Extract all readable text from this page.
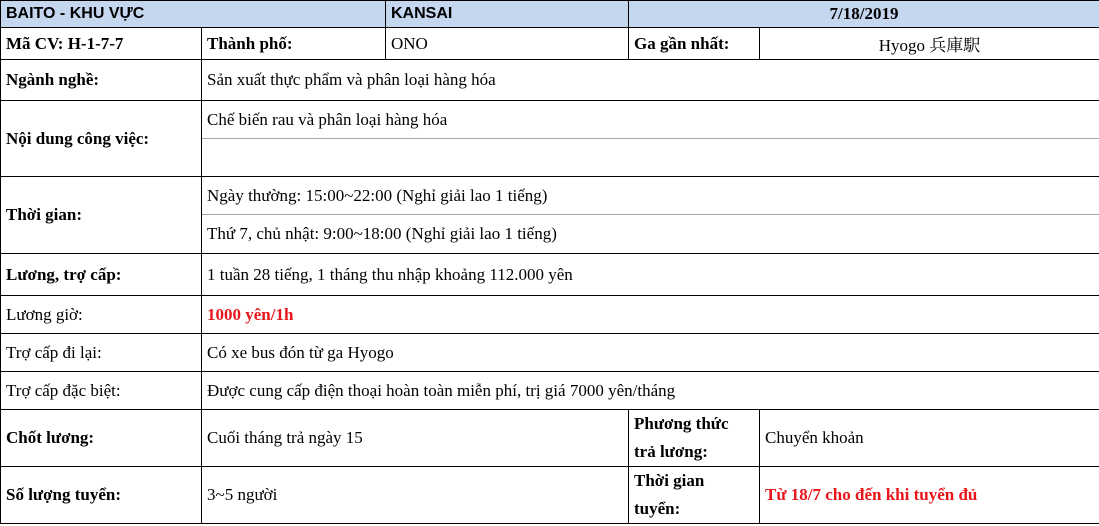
BAITO - KHU VỰC		KANSAI	7/18/2019	
Mã CV: H-1-7-7	Thành phố:	ONO	Ga gần nhất:	Hyogo 兵庫駅
Ngành nghề:	Sản xuất thực phẩm và phân loại hàng hóa			
Nội dung công việc:	Chế biến rau và phân loại hàng hóa			

Thời gian:	Ngày thường: 15:00~22:00 (Nghỉ giải lao 1 tiếng)			
	Thứ 7, chủ nhật: 9:00~18:00 (Nghỉ giải lao 1 tiếng)			
Lương, trợ cấp:	1 tuần 28 tiếng, 1 tháng thu nhập khoảng 112.000 yên			
Lương giờ:	1000 yên/1h			
Trợ cấp đi lại:	Có xe bus đón từ ga Hyogo			
Trợ cấp đặc biệt:	Được cung cấp điện thoại hoàn toàn miễn phí, trị giá 7000 yên/tháng			
Chốt lương:	Cuối tháng trả ngày 15		Phương thức trả lương:	Chuyển khoản
Số lượng tuyển:	3~5 người		Thời gian tuyển:	Từ 18/7 cho đến khi tuyển đủ
